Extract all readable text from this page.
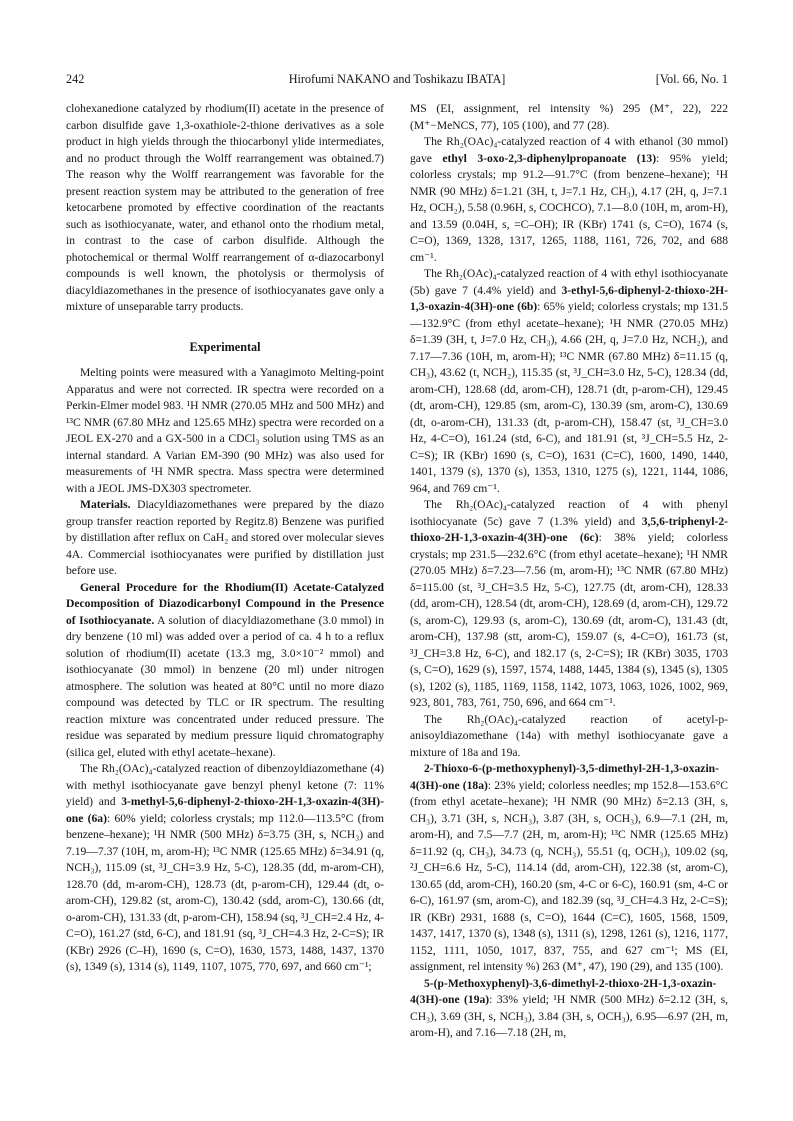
242	Hirofumi NAKANO and Toshikazu IBATA]	[Vol. 66, No. 1

clohexanedione catalyzed by rhodium(II) acetate in the presence of carbon disulfide gave 1,3-oxathiole-2-thione derivatives as a sole product in high yields through the thiocarbonyl ylide intermediates, and no product through the Wolff rearrangement was obtained.7) The reason why the Wolff rearrangement was favorable for the present reaction system may be attributed to the generation of free ketocarbene promoted by effective coordination of the reactants such as isothiocyanate, water, and ethanol onto the rhodium metal, in contrast to the case of carbon disulfide. Although the photochemical or thermal Wolff rearrangement of α-diazocarbonyl compounds is well known, the photolysis or thermolysis of diacyldiazomethanes in the presence of isothiocyanates gave only a mixture of unseparable tarry products.

Experimental

Melting points were measured with a Yanagimoto Melting-point Apparatus and were not corrected. IR spectra were recorded on a Perkin-Elmer model 983. ¹H NMR (270.05 MHz and 500 MHz) and ¹³C NMR (67.80 MHz and 125.65 MHz) spectra were recorded on a JEOL EX-270 and a GX-500 in a CDCl₃ solution using TMS as an internal standard. A Varian EM-390 (90 MHz) was also used for measurements of ¹H NMR spectra. Mass spectra were determined with a JEOL JMS-DX303 spectrometer.

Materials. Diacyldiazomethanes were prepared by the diazo group transfer reaction reported by Regitz.8) Benzene was purified by distillation after reflux on CaH₂ and stored over molecular sieves 4A. Commercial isothiocyanates were purified by distillation just before use.

General Procedure for the Rhodium(II) Acetate-Catalyzed Decomposition of Diazodicarbonyl Compound in the Presence of Isothiocyanate. A solution of diacyldiazomethane (3.0 mmol) in dry benzene (10 ml) was added over a period of ca. 4 h to a reflux solution of rhodium(II) acetate (13.3 mg, 3.0×10⁻² mmol) and isothiocyanate (30 mmol) in benzene (20 ml) under nitrogen atmosphere. The solution was heated at 80°C until no more diazo compound was detected by TLC or IR spectrum. The resulting reaction mixture was concentrated under reduced pressure. The residue was separated by medium pressure liquid chromatography (silica gel, eluted with ethyl acetate–hexane).

The Rh₂(OAc)₄-catalyzed reaction of dibenzoyldiazomethane (4) with methyl isothiocyanate gave benzyl phenyl ketone (7: 11% yield) and 3-methyl-5,6-diphenyl-2-thioxo-2H-1,3-oxazin-4(3H)-one (6a): 60% yield; colorless crystals; mp 112.0—113.5°C (from benzene–hexane); ¹H NMR (500 MHz) δ=3.75 (3H, s, NCH₃) and 7.19—7.37 (10H, m, arom-H); ¹³C NMR (125.65 MHz) δ=34.91 (q, NCH₃), 115.09 (st, ³J_CH=3.9 Hz, 5-C), 128.35 (dd, m-arom-CH), 128.70 (dd, m-arom-CH), 128.73 (dt, p-arom-CH), 129.44 (dt, o-arom-CH), 129.82 (st, arom-C), 130.42 (sdd, arom-C), 130.66 (dt, o-arom-CH), 131.33 (dt, p-arom-CH), 158.94 (sq, ³J_CH=2.4 Hz, 4-C=O), 161.27 (std, 6-C), and 181.91 (sq, ³J_CH=4.3 Hz, 2-C=S); IR (KBr) 2926 (C–H), 1690 (s, C=O), 1630, 1573, 1488, 1437, 1370 (s), 1349 (s), 1314 (s), 1149, 1107, 1075, 770, 697, and 660 cm⁻¹;

MS (EI, assignment, rel intensity %) 295 (M⁺, 22), 222 (M⁺−MeNCS, 77), 105 (100), and 77 (28).

The Rh₂(OAc)₄-catalyzed reaction of 4 with ethanol (30 mmol) gave ethyl 3-oxo-2,3-diphenylpropanoate (13): 95% yield; colorless crystals; mp 91.2—91.7°C (from benzene–hexane); ¹H NMR (90 MHz) δ=1.21 (3H, t, J=7.1 Hz, CH₃), 4.17 (2H, q, J=7.1 Hz, OCH₂), 5.58 (0.96H, s, COCHCO), 7.1—8.0 (10H, m, arom-H), and 13.59 (0.04H, s, =C–OH); IR (KBr) 1741 (s, C=O), 1674 (s, C=O), 1369, 1328, 1317, 1265, 1188, 1161, 726, 702, and 688 cm⁻¹.

The Rh₂(OAc)₄-catalyzed reaction of 4 with ethyl isothiocyanate (5b) gave 7 (4.4% yield) and 3-ethyl-5,6-diphenyl-2-thioxo-2H-1,3-oxazin-4(3H)-one (6b): 65% yield; colorless crystals; mp 131.5—132.9°C (from ethyl acetate–hexane); ¹H NMR (270.05 MHz) δ=1.39 (3H, t, J=7.0 Hz, CH₃), 4.66 (2H, q, J=7.0 Hz, NCH₂), and 7.17—7.36 (10H, m, arom-H); ¹³C NMR (67.80 MHz) δ=11.15 (q, CH₃), 43.62 (t, NCH₂), 115.35 (st, ³J_CH=3.0 Hz, 5-C), 128.34 (dd, arom-CH), 128.68 (dd, arom-CH), 128.71 (dt, p-arom-CH), 129.45 (dt, arom-CH), 129.85 (sm, arom-C), 130.39 (sm, arom-C), 130.69 (dt, o-arom-CH), 131.33 (dt, p-arom-CH), 158.47 (st, ³J_CH=3.0 Hz, 4-C=O), 161.24 (std, 6-C), and 181.91 (st, ³J_CH=5.5 Hz, 2-C=S); IR (KBr) 1690 (s, C=O), 1631 (C=C), 1600, 1490, 1440, 1401, 1379 (s), 1370 (s), 1353, 1310, 1275 (s), 1221, 1144, 1086, 964, and 769 cm⁻¹.

The Rh₂(OAc)₄-catalyzed reaction of 4 with phenyl isothiocyanate (5c) gave 7 (1.3% yield) and 3,5,6-triphenyl-2-thioxo-2H-1,3-oxazin-4(3H)-one (6c): 38% yield; colorless crystals; mp 231.5—232.6°C (from ethyl acetate–hexane); ¹H NMR (270.05 MHz) δ=7.23—7.56 (m, arom-H); ¹³C NMR (67.80 MHz) δ=115.00 (st, ³J_CH=3.5 Hz, 5-C), 127.75 (dt, arom-CH), 128.33 (dd, arom-CH), 128.54 (dt, arom-CH), 128.69 (d, arom-CH), 129.72 (s, arom-C), 129.93 (s, arom-C), 130.69 (dt, arom-C), 131.43 (dt, arom-CH), 137.98 (stt, arom-C), 159.07 (s, 4-C=O), 161.73 (st, ³J_CH=3.8 Hz, 6-C), and 182.17 (s, 2-C=S); IR (KBr) 3035, 1703 (s, C=O), 1629 (s), 1597, 1574, 1488, 1445, 1384 (s), 1345 (s), 1305 (s), 1202 (s), 1185, 1169, 1158, 1142, 1073, 1063, 1026, 1002, 969, 923, 801, 783, 761, 750, 696, and 664 cm⁻¹.

The Rh₂(OAc)₄-catalyzed reaction of acetyl-p-anisoyldiazomethane (14a) with methyl isothiocyanate gave a mixture of 18a and 19a.

2-Thioxo-6-(p-methoxyphenyl)-3,5-dimethyl-2H-1,3-oxazin-4(3H)-one (18a): 23% yield; colorless needles; mp 152.8—153.6°C (from ethyl acetate–hexane); ¹H NMR (90 MHz) δ=2.13 (3H, s, CH₃), 3.71 (3H, s, NCH₃), 3.87 (3H, s, OCH₃), 6.9—7.1 (2H, m, arom-H), and 7.5—7.7 (2H, m, arom-H); ¹³C NMR (125.65 MHz) δ=11.92 (q, CH₃), 34.73 (q, NCH₃), 55.51 (q, OCH₃), 109.02 (sq, ²J_CH=6.6 Hz, 5-C), 114.14 (dd, arom-CH), 122.38 (st, arom-C), 130.65 (dd, arom-CH), 160.20 (sm, 4-C or 6-C), 160.91 (sm, 4-C or 6-C), 161.97 (sm, arom-C), and 182.39 (sq, ³J_CH=4.3 Hz, 2-C=S); IR (KBr) 2931, 1688 (s, C=O), 1644 (C=C), 1605, 1568, 1509, 1437, 1417, 1370 (s), 1348 (s), 1311 (s), 1298, 1261 (s), 1216, 1177, 1152, 1111, 1050, 1017, 837, 755, and 627 cm⁻¹; MS (EI, assignment, rel intensity %) 263 (M⁺, 47), 190 (29), and 135 (100).

5-(p-Methoxyphenyl)-3,6-dimethyl-2-thioxo-2H-1,3-oxazin-4(3H)-one (19a): 33% yield; ¹H NMR (500 MHz) δ=2.12 (3H, s, CH₃), 3.69 (3H, s, NCH₃), 3.84 (3H, s, OCH₃), 6.95—6.97 (2H, m, arom-H), and 7.16—7.18 (2H, m,
